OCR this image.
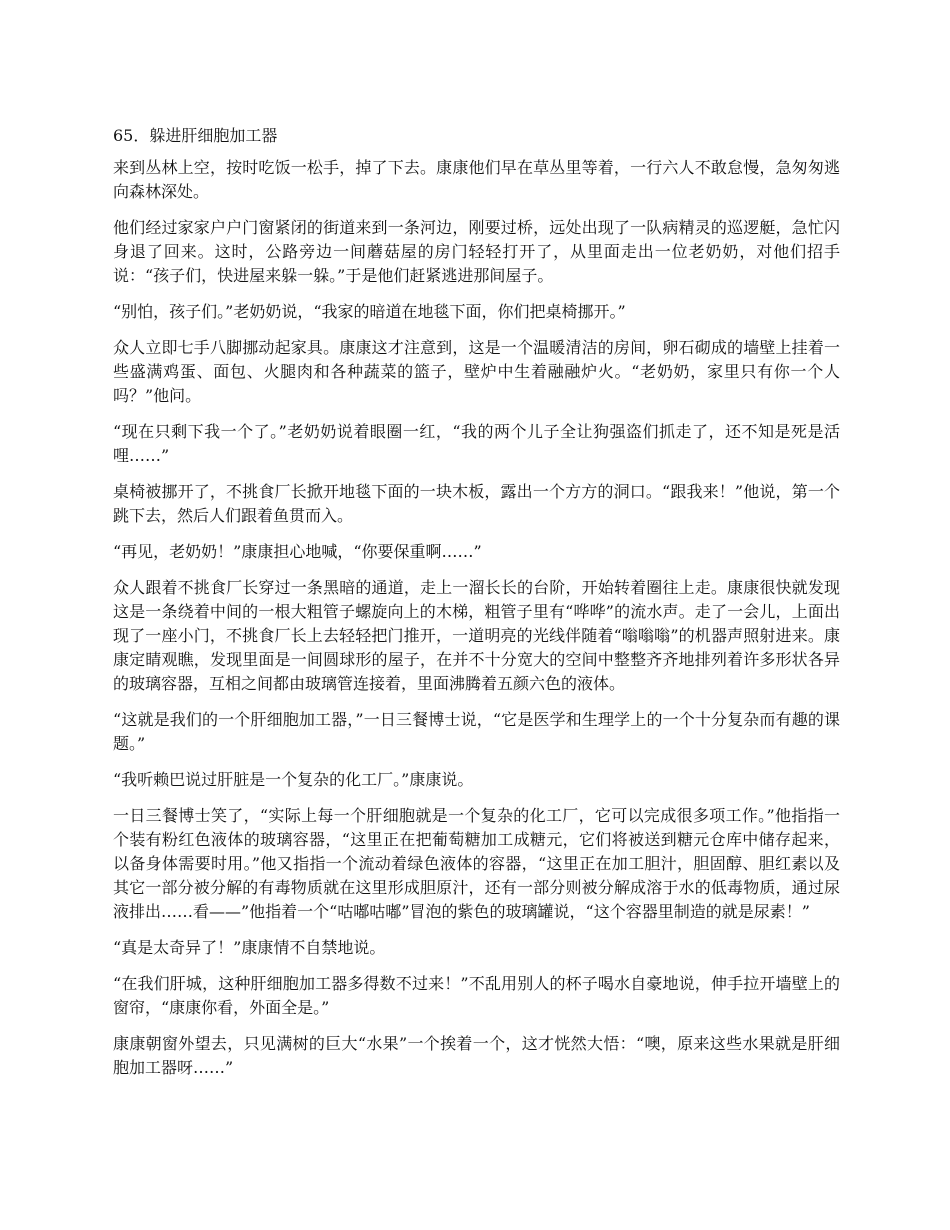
65．躲进肝细胞加工器

来到丛林上空，按时吃饭一松手，掉了下去。康康他们早在草丛里等着，一行六人不敢怠慢，急匆匆逃向森林深处。

他们经过家家户户门窗紧闭的街道来到一条河边，刚要过桥，远处出现了一队病精灵的巡逻艇，急忙闪身退了回来。这时，公路旁边一间蘑菇屋的房门轻轻打开了，从里面走出一位老奶奶，对他们招手说：“孩子们，快进屋来躲一躲。”于是他们赶紧逃进那间屋子。

“别怕，孩子们。”老奶奶说，“我家的暗道在地毯下面，你们把桌椅挪开。”

众人立即七手八脚挪动起家具。康康这才注意到，这是一个温暖清洁的房间，卵石砌成的墙壁上挂着一些盛满鸡蛋、面包、火腿肉和各种蔬菜的篮子，壁炉中生着融融炉火。“老奶奶，家里只有你一个人吗？”他问。

“现在只剩下我一个了。”老奶奶说着眼圈一红，“我的两个儿子全让狗强盗们抓走了，还不知是死是活哩……”

桌椅被挪开了，不挑食厂长掀开地毯下面的一块木板，露出一个方方的洞口。“跟我来！”他说，第一个跳下去，然后人们跟着鱼贯而入。

“再见，老奶奶！”康康担心地喊，“你要保重啊……”

众人跟着不挑食厂长穿过一条黑暗的通道，走上一溜长长的台阶，开始转着圈往上走。康康很快就发现这是一条绕着中间的一根大粗管子螺旋向上的木梯，粗管子里有“哗哗”的流水声。走了一会儿，上面出现了一座小门，不挑食厂长上去轻轻把门推开，一道明亮的光线伴随着“嗡嗡嗡”的机器声照射进来。康康定睛观瞧，发现里面是一间圆球形的屋子，在并不十分宽大的空间中整整齐齐地排列着许多形状各异的玻璃容器，互相之间都由玻璃管连接着，里面沸腾着五颜六色的液体。

“这就是我们的一个肝细胞加工器，”一日三餐博士说，“它是医学和生理学上的一个十分复杂而有趣的课题。”

“我听赖巴说过肝脏是一个复杂的化工厂。”康康说。

一日三餐博士笑了，“实际上每一个肝细胞就是一个复杂的化工厂，它可以完成很多项工作。”他指指一个装有粉红色液体的玻璃容器，“这里正在把葡萄糖加工成糖元，它们将被送到糖元仓库中储存起来，以备身体需要时用。”他又指指一个流动着绿色液体的容器，“这里正在加工胆汁，胆固醇、胆红素以及其它一部分被分解的有毒物质就在这里形成胆原汁，还有一部分则被分解成溶于水的低毒物质，通过尿液排出……看——”他指着一个“咕嘟咕嘟”冒泡的紫色的玻璃罐说，“这个容器里制造的就是尿素！”

“真是太奇异了！”康康情不自禁地说。

“在我们肝城，这种肝细胞加工器多得数不过来！”不乱用别人的杯子喝水自豪地说，伸手拉开墙壁上的窗帘，“康康你看，外面全是。”

康康朝窗外望去，只见满树的巨大“水果”一个挨着一个，这才恍然大悟：“噢，原来这些水果就是肝细胞加工器呀……”
